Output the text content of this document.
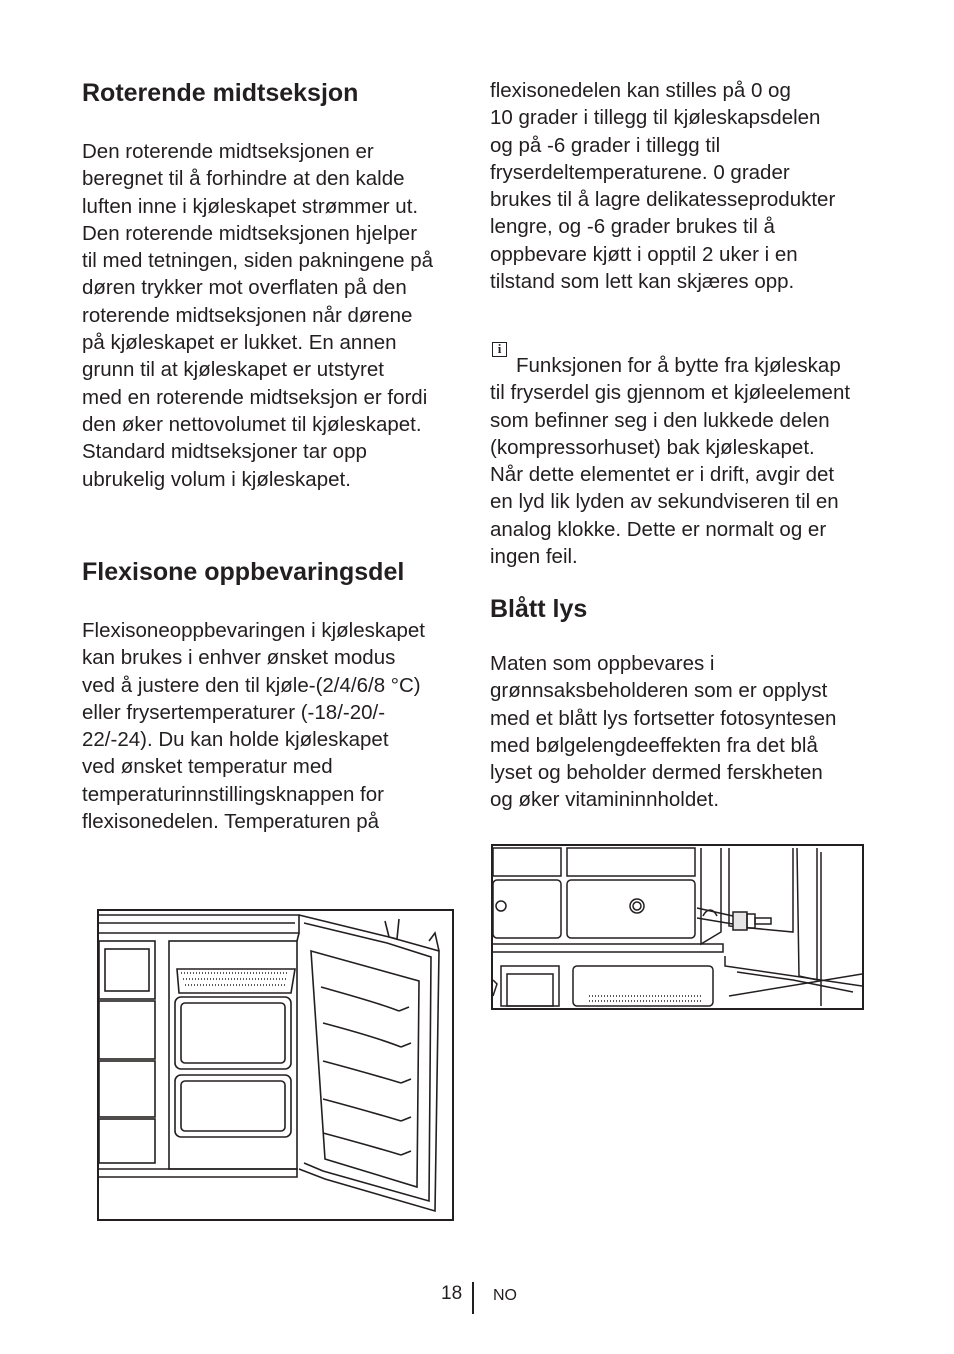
Roterende midtseksjon
Den roterende midtseksjonen er
beregnet til å forhindre at den kalde
luften inne i kjøleskapet strømmer ut.
Den roterende midtseksjonen hjelper
til med tetningen, siden pakningene på
døren trykker mot overflaten på den
roterende midtseksjonen når dørene
på kjøleskapet er lukket. En annen
grunn til at kjøleskapet er utstyret
med en roterende midtseksjon er fordi
den øker nettovolumet til kjøleskapet.
Standard midtseksjoner tar opp
ubrukelig volum i kjøleskapet.
Flexisone oppbevaringsdel
Flexisoneoppbevaringen i kjøleskapet
kan brukes i enhver ønsket modus
ved å justere den til kjøle-(2/4/6/8 °C)
eller frysertemperaturer (-18/-20/-
22/-24). Du kan holde kjøleskapet
ved ønsket temperatur med
temperaturinnstillingsknappen for
flexisonedelen. Temperaturen på
flexisonedelen kan stilles på 0 og
10 grader i tillegg til kjøleskapsdelen
og på -6 grader i tillegg til
fryserdeltemperaturene. 0 grader
brukes til å lagre delikatesseprodukter
lengre, og -6 grader brukes til å
oppbevare kjøtt i opptil 2 uker i en
tilstand som lett kan skjæres opp.
i
Funksjonen for å bytte fra kjøleskap
til fryserdel gis gjennom et kjøleelement
som befinner seg i den lukkede delen
(kompressorhuset) bak kjøleskapet.
Når dette elementet er i drift, avgir det
en lyd lik lyden av sekundviseren til en
analog klokke. Dette er normalt og er
ingen feil.
Blått lys
Maten som oppbevares i
grønnsaksbeholderen som er opplyst
med et blått lys fortsetter fotosyntesen
med bølgelengdeeffekten fra det blå
lyset og beholder dermed ferskheten
og øker vitamininnholdet.
18 NO
